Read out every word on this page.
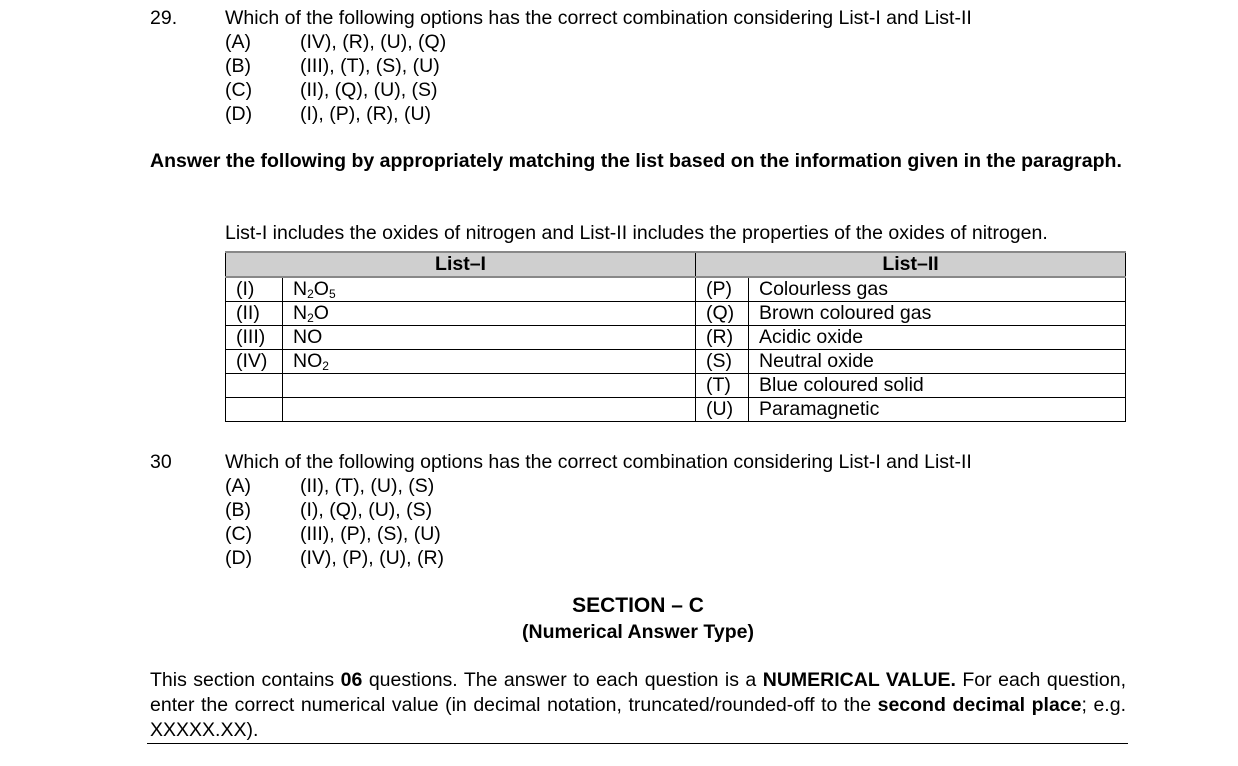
29.	Which of the following options has the correct combination considering List-I and List-II
(A)	(IV), (R), (U), (Q)
(B)	(III), (T), (S), (U)
(C)	(II), (Q), (U), (S)
(D)	(I), (P), (R), (U)
Answer the following by appropriately matching the list based on the information given in the paragraph.
List-I includes the oxides of nitrogen and List-II includes the properties of the oxides of nitrogen.
List–I		List–II	
(I)	$N_2O_5$	(P)	Colourless gas
(II)	$N_2O$	(Q)	Brown coloured gas
(III)	NO	(R)	Acidic oxide
(IV)	$NO_2$	(S)	Neutral oxide
		(T)	Blue coloured solid
		(U)	Paramagnetic
30	Which of the following options has the correct combination considering List-I and List-II
(A)	(II), (T), (U), (S)
(B)	(I), (Q), (U), (S)
(C)	(III), (P), (S), (U)
(D)	(IV), (P), (U), (R)
SECTION – C
(Numerical Answer Type)
This section contains 06 questions. The answer to each question is a NUMERICAL VALUE. For each question, enter the correct numerical value (in decimal notation, truncated/rounded-off to the second decimal place; e.g. XXXXX.XX).
